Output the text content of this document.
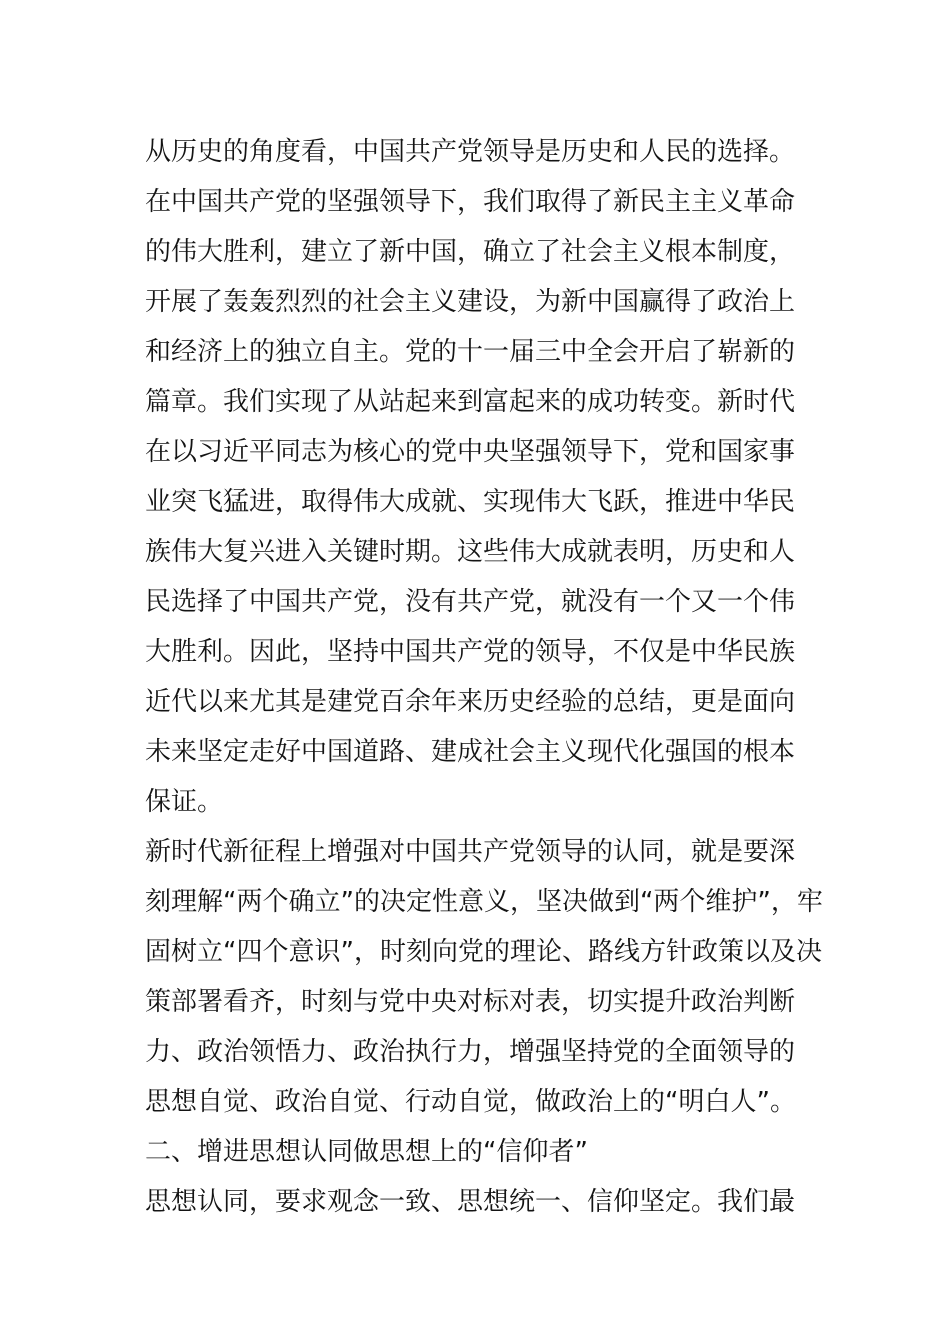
从历史的角度看，中国共产党领导是历史和人民的选择。
在中国共产党的坚强领导下，我们取得了新民主主义革命
的伟大胜利，建立了新中国，确立了社会主义根本制度，
开展了轰轰烈烈的社会主义建设，为新中国赢得了政治上
和经济上的独立自主。党的十一届三中全会开启了崭新的
篇章。我们实现了从站起来到富起来的成功转变。新时代
在以习近平同志为核心的党中央坚强领导下，党和国家事
业突飞猛进，取得伟大成就、实现伟大飞跃，推进中华民
族伟大复兴进入关键时期。这些伟大成就表明，历史和人
民选择了中国共产党，没有共产党，就没有一个又一个伟
大胜利。因此，坚持中国共产党的领导，不仅是中华民族
近代以来尤其是建党百余年来历史经验的总结，更是面向
未来坚定走好中国道路、建成社会主义现代化强国的根本
保证。
新时代新征程上增强对中国共产党领导的认同，就是要深
刻理解“两个确立”的决定性意义，坚决做到“两个维护”，牢
固树立“四个意识”，时刻向党的理论、路线方针政策以及决
策部署看齐，时刻与党中央对标对表，切实提升政治判断
力、政治领悟力、政治执行力，增强坚持党的全面领导的
思想自觉、政治自觉、行动自觉，做政治上的“明白人”。
二、增进思想认同做思想上的“信仰者”
思想认同，要求观念一致、思想统一、信仰坚定。我们最
